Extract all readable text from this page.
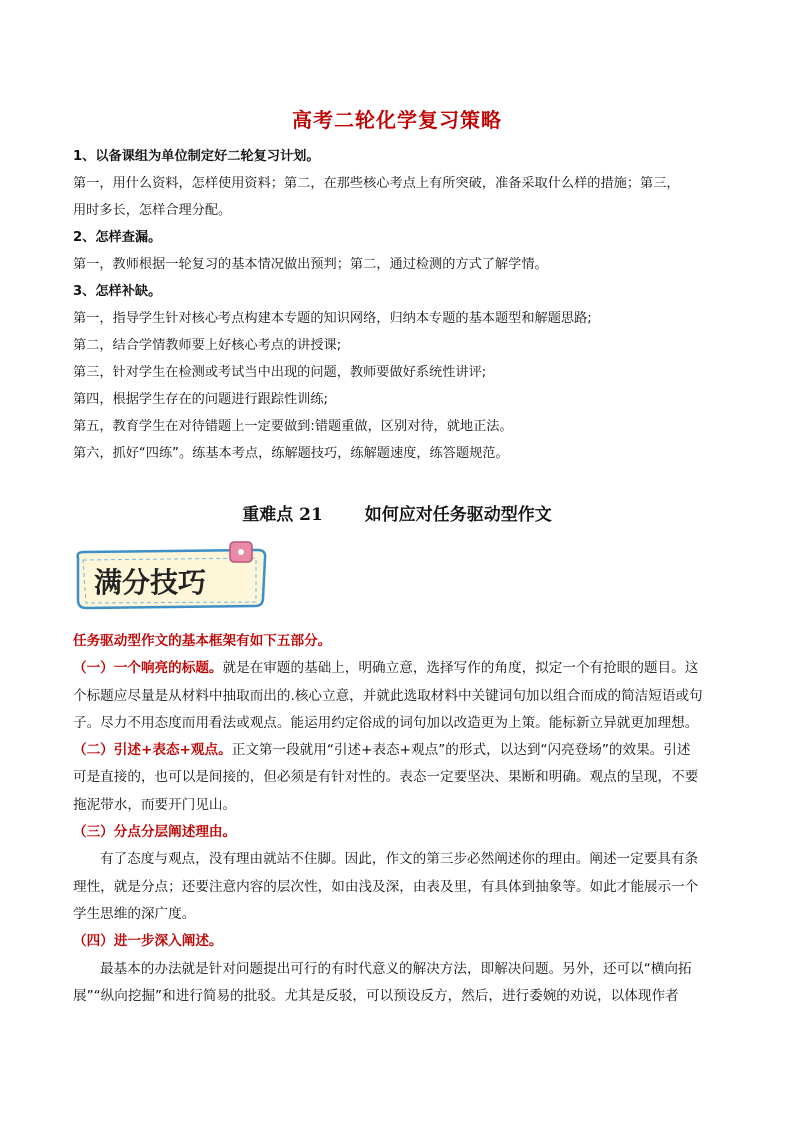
高考二轮化学复习策略

1、以备课组为单位制定好二轮复习计划。

第一，用什么资料，怎样使用资料；第二，在那些核心考点上有所突破，准备采取什么样的措施；第三，

用时多长，怎样合理分配。

2、怎样查漏。

第一，教师根据一轮复习的基本情况做出预判；第二，通过检测的方式了解学情。

3、怎样补缺。

第一，指导学生针对核心考点构建本专题的知识网络，归纳本专题的基本题型和解题思路;

第二，结合学情教师要上好核心考点的讲授课;

第三，针对学生在检测或考试当中出现的问题，教师要做好系统性讲评;

第四，根据学生存在的问题进行跟踪性训练;

第五，教育学生在对待错题上一定要做到:错题重做，区别对待，就地正法。

第六，抓好“四练”。练基本考点，练解题技巧，练解题速度，练答题规范。

重难点 21 如何应对任务驱动型作文
满分技巧

任务驱动型作文的基本框架有如下五部分。

（一）一个响亮的标题。就是在审题的基础上，明确立意，选择写作的角度，拟定一个有抢眼的题目。这

个标题应尽量是从材料中抽取而出的.核心立意，并就此选取材料中关键词句加以组合而成的简洁短语或句

子。尽力不用态度而用看法或观点。能运用约定俗成的词句加以改造更为上策。能标新立异就更加理想。

（二）引述+表态+观点。正文第一段就用“引述+表态+观点”的形式，以达到“闪亮登场”的效果。引述

可是直接的，也可以是间接的，但必须是有针对性的。表态一定要坚决、果断和明确。观点的呈现，不要

拖泥带水，而要开门见山。

（三）分点分层阐述理由。

有了态度与观点，没有理由就站不住脚。因此，作文的第三步必然阐述你的理由。阐述一定要具有条

理性，就是分点；还要注意内容的层次性，如由浅及深，由表及里，有具体到抽象等。如此才能展示一个

学生思维的深广度。

（四）进一步深入阐述。

最基本的办法就是针对问题提出可行的有时代意义的解决方法，即解决问题。另外，还可以“横向拓

展”“纵向挖掘”和进行简易的批驳。尤其是反驳，可以预设反方，然后，进行委婉的劝说，以体现作者
